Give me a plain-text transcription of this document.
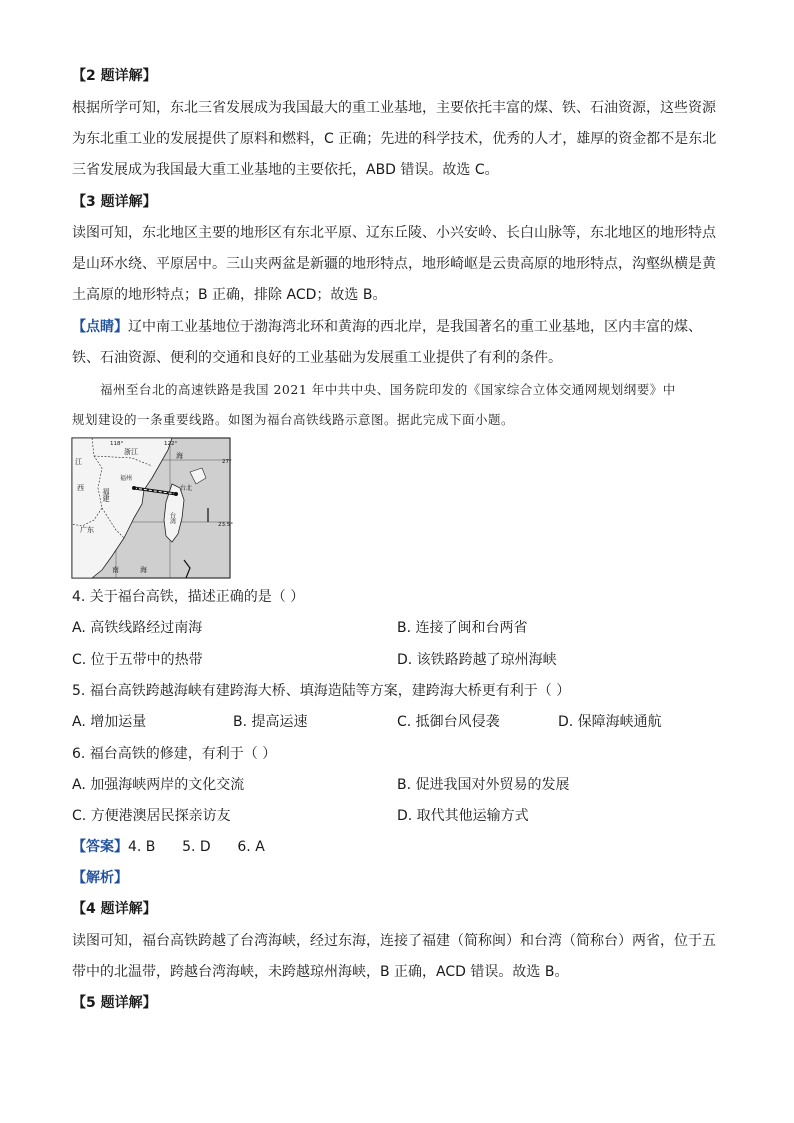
【2 题详解】
根据所学可知，东北三省发展成为我国最大的重工业基地，主要依托丰富的煤、铁、石油资源，这些资源
为东北重工业的发展提供了原料和燃料，C 正确；先进的科学技术，优秀的人才，雄厚的资金都不是东北
三省发展成为我国最大重工业基地的主要依托，ABD 错误。故选 C。
【3 题详解】
读图可知，东北地区主要的地形区有东北平原、辽东丘陵、小兴安岭、长白山脉等，东北地区的地形特点
是山环水绕、平原居中。三山夹两盆是新疆的地形特点，地形崎岖是云贵高原的地形特点，沟壑纵横是黄
土高原的地形特点；B 正确，排除 ACD；故选 B。
【点睛】辽中南工业基地位于渤海湾北环和黄海的西北岸，是我国著名的重工业基地，区内丰富的煤、
铁、石油资源、便利的交通和良好的工业基础为发展重工业提供了有利的条件。
福州至台北的高速铁路是我国 2021 年中共中央、国务院印发的《国家综合立体交通网规划纲要》中
规划建设的一条重要线路。如图为福台高铁线路示意图。据此完成下面小题。
118°	122°
27°
23.5°
江
浙江
西	福建
福州
广东
台湾
台北
海
南	海
4. 关于福台高铁，描述正确的是（ ）
A. 高铁线路经过南海	B. 连接了闽和台两省
C. 位于五带中的热带	D. 该铁路跨越了琼州海峡
5. 福台高铁跨越海峡有建跨海大桥、填海造陆等方案，建跨海大桥更有利于（ ）
A. 增加运量	B. 提高运速	C. 抵御台风侵袭	D. 保障海峡通航
6. 福台高铁的修建，有利于（ ）
A. 加强海峡两岸的文化交流	B. 促进我国对外贸易的发展
C. 方便港澳居民探亲访友	D. 取代其他运输方式
【答案】4. B      5. D      6. A
【解析】
【4 题详解】
读图可知，福台高铁跨越了台湾海峡，经过东海，连接了福建（简称闽）和台湾（简称台）两省，位于五
带中的北温带，跨越台湾海峡，未跨越琼州海峡，B 正确，ACD 错误。故选 B。
【5 题详解】
